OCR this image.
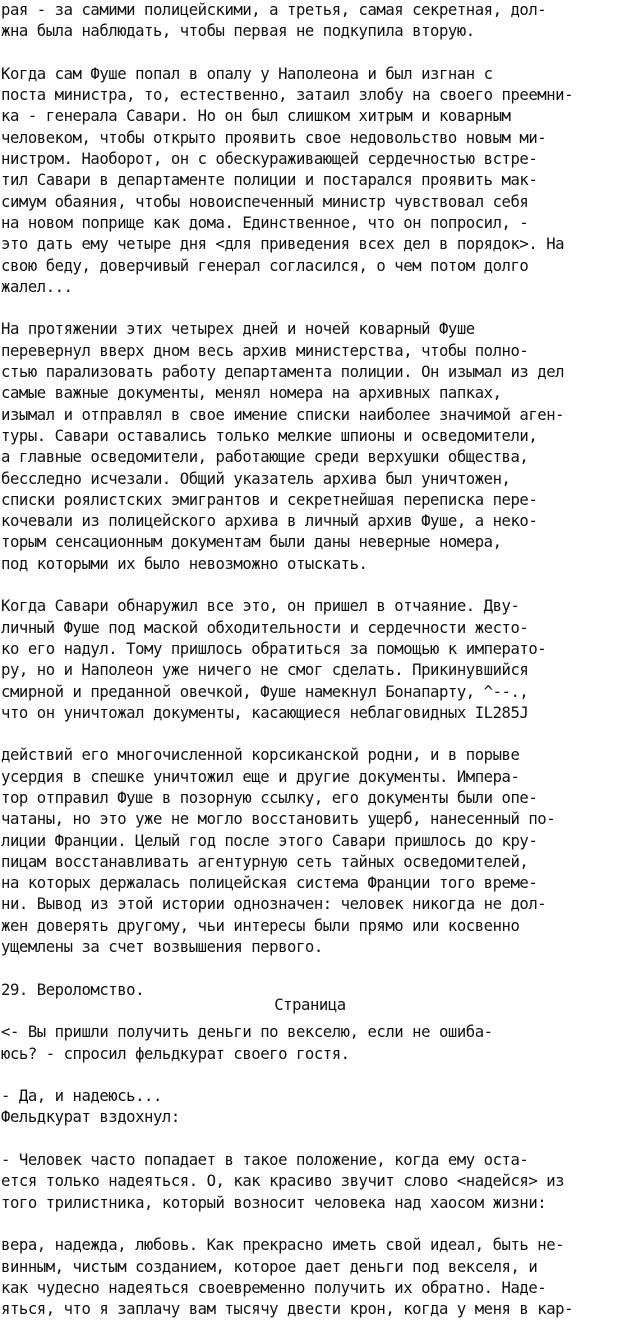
рая - за самими полицейскими, а третья, самая секретная, дол-
жна была наблюдать, чтобы первая не подкупила вторую.
Когда сам Фуше попал в опалу у Наполеона и был изгнан с
поста министра, то, естественно, затаил злобу на своего преемни-
ка - генерала Савари. Но он был слишком хитрым и коварным
человеком, чтобы открыто проявить свое недовольство новым ми-
нистром. Наоборот, он с обескураживающей сердечностью встре-
тил Савари в департаменте полиции и постарался проявить мак-
симум обаяния, чтобы новоиспеченный министр чувствовал себя
на новом поприще как дома. Единственное, что он попросил, -
это дать ему четыре дня <для приведения всех дел в порядок>. На
свою беду, доверчивый генерал согласился, о чем потом долго
жалел...
На протяжении этих четырех дней и ночей коварный Фуше
перевернул вверх дном весь архив министерства, чтобы полно-
стью парализовать работу департамента полиции. Он изымал из дел
самые важные документы, менял номера на архивных папках,
изымал и отправлял в свое имение списки наиболее значимой аген-
туры. Савари оставались только мелкие шпионы и осведомители,
а главные осведомители, работающие среди верхушки общества,
бесследно исчезали. Общий указатель архива был уничтожен,
списки роялистских эмигрантов и секретнейшая переписка пере-
кочевали из полицейского архива в личный архив Фуше, а неко-
торым сенсационным документам были даны неверные номера,
под которыми их было невозможно отыскать.
Когда Савари обнаружил все это, он пришел в отчаяние. Дву-
личный Фуше под маской обходительности и сердечности жесто-
ко его надул. Тому пришлось обратиться за помощью к императо-
ру, но и Наполеон уже ничего не смог сделать. Прикинувшийся
смирной и преданной овечкой, Фуше намекнул Бонапарту, ^--.,
что он уничтожал документы, касающиеся неблаговидных IL285J
действий его многочисленной корсиканской родни, и в порыве
усердия в спешке уничтожил еще и другие документы. Импера-
тор отправил Фуше в позорную ссылку, его документы были опе-
чатаны, но это уже не могло восстановить ущерб, нанесенный по-
лиции Франции. Целый год после этого Савари пришлось до кру-
пицам восстанавливать агентурную сеть тайных осведомителей,
на которых держалась полицейская система Франции того време-
ни. Вывод из этой истории однозначен: человек никогда не дол-
жен доверять другому, чьи интересы были прямо или косвенно
ущемлены за счет возвышения первого.
29. Вероломство.
<- Вы пришли получить деньги по векселю, если не ошиба-
юсь? - спросил фельдкурат своего гостя.
- Да, и надеюсь...
Фельдкурат вздохнул:
- Человек часто попадает в такое положение, когда ему оста-
ется только надеяться. О, как красиво звучит слово <надейся> из
того трилистника, который возносит человека над хаосом жизни:
вера, надежда, любовь. Как прекрасно иметь свой идеал, быть не-
винным, чистым созданием, которое дает деньги под векселя, и
как чудесно надеяться своевременно получить их обратно. Наде-
яться, что я заплачу вам тысячу двести крон, когда у меня в кар-
Страница
